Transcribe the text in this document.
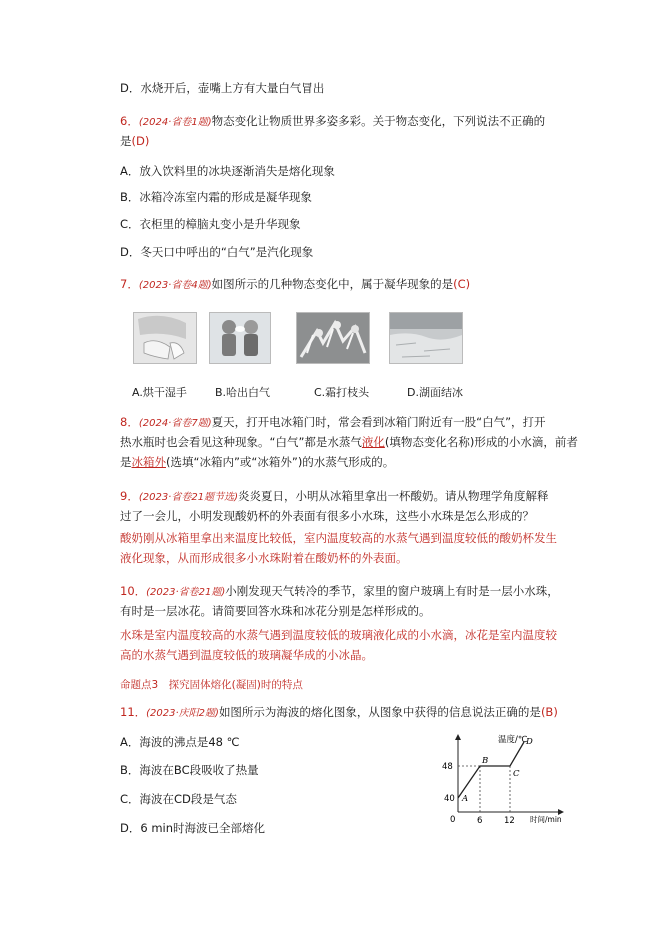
D．水烧开后，壶嘴上方有大量白气冒出
6．(2024·省卷1题)物态变化让物质世界多姿多彩。关于物态变化，下列说法不正确的
是(D)
A．放入饮料里的冰块逐渐消失是熔化现象
B．冰箱冷冻室内霜的形成是凝华现象
C．衣柜里的樟脑丸变小是升华现象
D．冬天口中呼出的“白气”是汽化现象
7．(2023·省卷4题)如图所示的几种物态变化中，属于凝华现象的是(C)
A.烘干湿手	B.哈出白气	C.霜打枝头	D.湖面结冰
8．(2024·省卷7题)夏天，打开电冰箱门时，常会看到冰箱门附近有一股“白气”，打开
热水瓶时也会看见这种现象。“白气”都是水蒸气液化(填物态变化名称)形成的小水滴，前者
是冰箱外(选填“冰箱内”或“冰箱外”)的水蒸气形成的。
9．(2023·省卷21题节选)炎炎夏日，小明从冰箱里拿出一杯酸奶。请从物理学角度解释
过了一会儿，小明发现酸奶杯的外表面有很多小水珠，这些小水珠是怎么形成的？
酸奶刚从冰箱里拿出来温度比较低，室内温度较高的水蒸气遇到温度较低的酸奶杯发生
液化现象，从而形成很多小水珠附着在酸奶杯的外表面。
10．(2023·省卷21题)小刚发现天气转冷的季节，家里的窗户玻璃上有时是一层小水珠，
有时是一层冰花。请简要回答水珠和冰花分别是怎样形成的。
水珠是室内温度较高的水蒸气遇到温度较低的玻璃液化成的小水滴，冰花是室内温度较
高的水蒸气遇到温度较低的玻璃凝华成的小冰晶。
命题点3　探究固体熔化(凝固)时的特点
11．(2023·庆阳2题)如图所示为海波的熔化图象，从图象中获得的信息说法正确的是(B)
A．海波的沸点是48 ℃
B．海波在BC段吸收了热量
C．海波在CD段是气态
D．6 min时海波已全部熔化
温度/℃
时间/min
48
40
0	6	12
A
B
C
D
